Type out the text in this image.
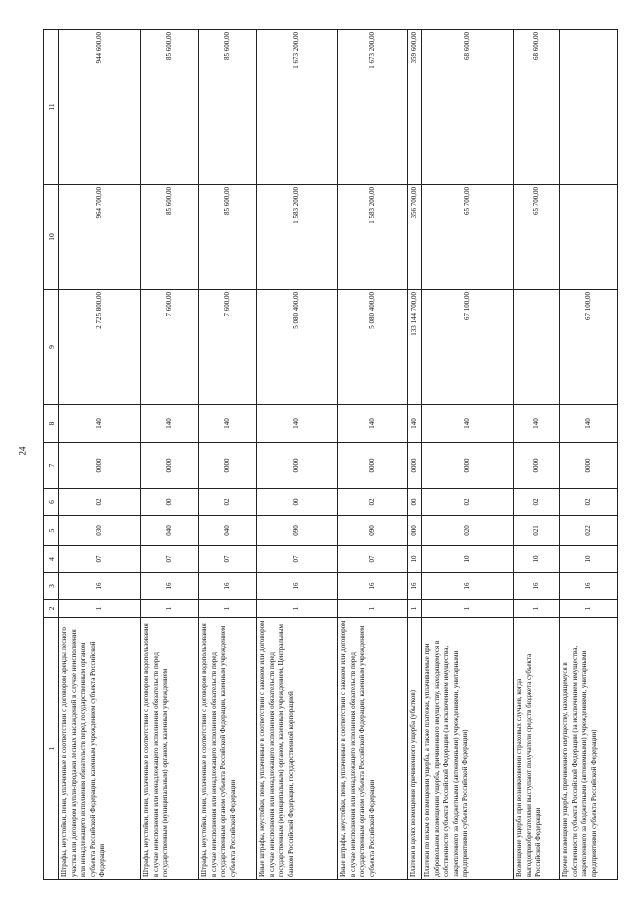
24
1	2	3	4	5	6	7	8	9	10	11
Штрафы, неустойки, пени, уплаченные в соответствии с договором аренды лесного участка или договором купли-продажи лесных насаждений в случае неисполнения или ненадлежащего исполнения обязательств перед государственным органом субъекта Российской Федерации, казенным учреждением субъекта Российской Федерации	1	16	07	030	02	0000	140	2 725 800,00	964 700,00	944 600,00
Штрафы, неустойки, пени, уплаченные в соответствии с договором водопользования в случае неисполнения или ненадлежащего исполнения обязательств перед государственным (муниципальным) органом, казенным учреждением	1	16	07	040	00	0000	140	7 600,00	85 600,00	85 600,00
Штрафы, неустойки, пени, уплаченные в соответствии с договором водопользования в случае неисполнения или ненадлежащего исполнения обязательств перед государственным органом субъекта Российской Федерации, казенным учреждением субъекта Российской Федерации	1	16	07	040	02	0000	140	7 600,00	85 600,00	85 600,00
Иные штрафы, неустойки, пени, уплаченные в соответствии с законом или договором в случае неисполнения или ненадлежащего исполнения обязательств перед государственным (муниципальным) органом, казенным учреждением, Центральным банком Российской Федерации, государственной корпорацией	1	16	07	090	00	0000	140	5 080 400,00	1 583 200,00	1 673 200,00
Иные штрафы, неустойки, пени, уплаченные в соответствии с законом или договором в случае неисполнения или ненадлежащего исполнения обязательств перед государственным органом субъекта Российской Федерации, казенным учреждением субъекта Российской Федерации	1	16	07	090	02	0000	140	5 080 400,00	1 583 200,00	1 673 200,00
Платежи в целях возмещения причиненного ущерба (убытков)	1	16	10	000	00	0000	140	133 144 700,00	356 700,00	359 600,00
Платежи по искам о возмещении ущерба, а также платежи, уплачиваемые при добровольном возмещении ущерба, причиненного имуществу, находящемуся в собственности субъекта Российской Федерации (за исключением имущества, закрепленного за бюджетными (автономными) учреждениями, унитарными предприятиями субъекта Российской Федерации)	1	16	10	020	02	0000	140	67 100,00	65 700,00	68 600,00
Возмещение ущерба при возникновении страховых случаев, когда выгодоприобретателями выступают получатели средств бюджета субъекта Российской Федерации	1	16	10	021	02	0000	140		65 700,00	68 600,00
Прочее возмещение ущерба, причиненного имуществу, находящемуся в собственности субъекта Российской Федерации (за исключением имущества, закрепленного за бюджетными (автономными) учреждениями, унитарными предприятиями субъекта Российской Федерации)	1	16	10	022	02	0000	140	67 100,00		
